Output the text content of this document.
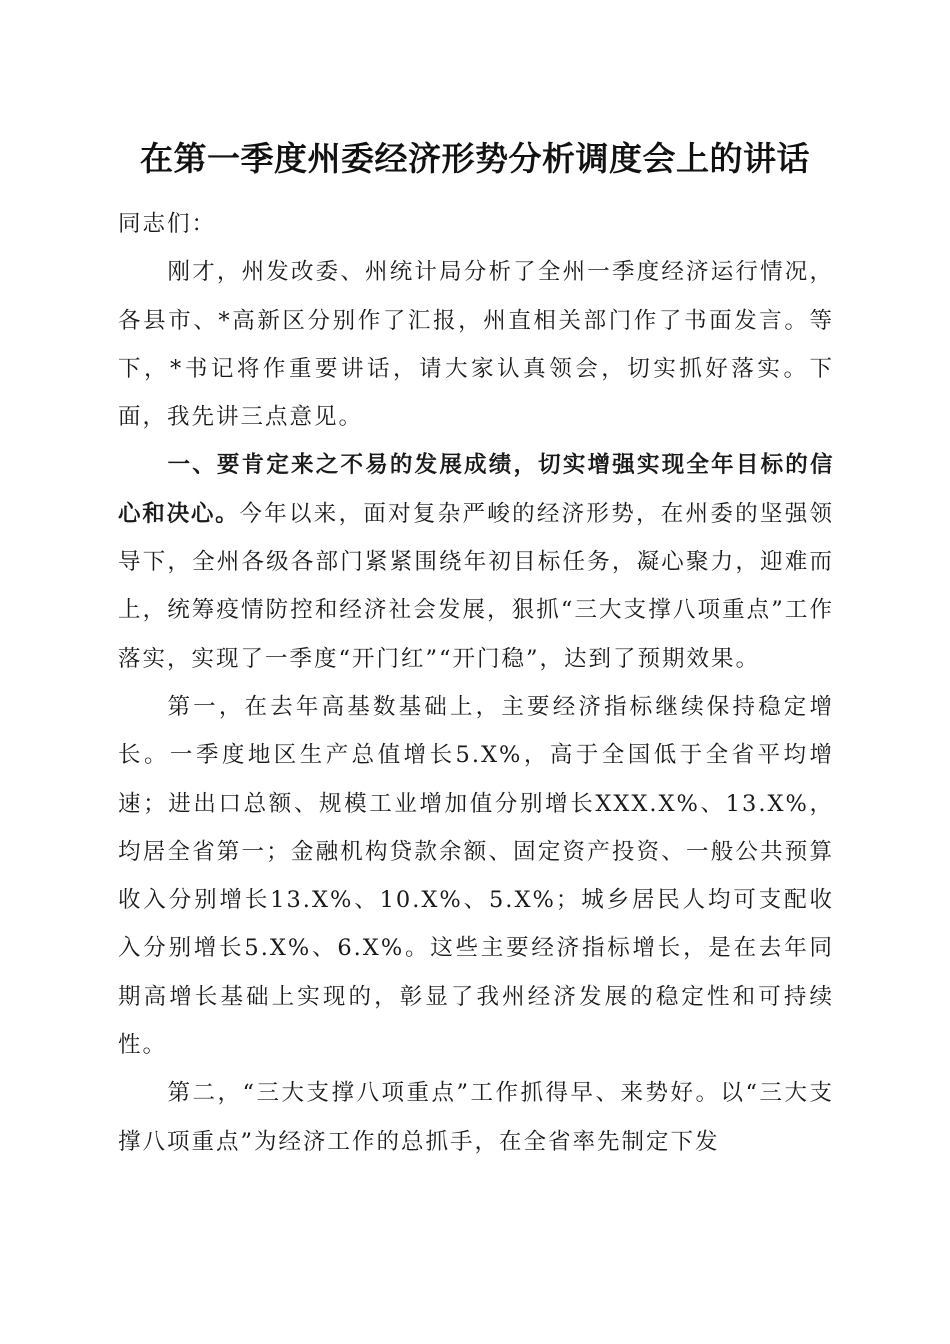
在第一季度州委经济形势分析调度会上的讲话

同志们：

刚才，州发改委、州统计局分析了全州一季度经济运行情况，各县市、*高新区分别作了汇报，州直相关部门作了书面发言。等下，*书记将作重要讲话，请大家认真领会，切实抓好落实。下面，我先讲三点意见。

一、要肯定来之不易的发展成绩，切实增强实现全年目标的信心和决心。今年以来，面对复杂严峻的经济形势，在州委的坚强领导下，全州各级各部门紧紧围绕年初目标任务，凝心聚力，迎难而上，统筹疫情防控和经济社会发展，狠抓“三大支撑八项重点”工作落实，实现了一季度“开门红”“开门稳”，达到了预期效果。

第一，在去年高基数基础上，主要经济指标继续保持稳定增长。一季度地区生产总值增长5.X%，高于全国低于全省平均增速；进出口总额、规模工业增加值分别增长XXX.X%、13.X%，均居全省第一；金融机构贷款余额、固定资产投资、一般公共预算收入分别增长13.X%、10.X%、5.X%；城乡居民人均可支配收入分别增长5.X%、6.X%。这些主要经济指标增长，是在去年同期高增长基础上实现的，彰显了我州经济发展的稳定性和可持续性。

第二，“三大支撑八项重点”工作抓得早、来势好。以“三大支撑八项重点”为经济工作的总抓手，在全省率先制定下发
